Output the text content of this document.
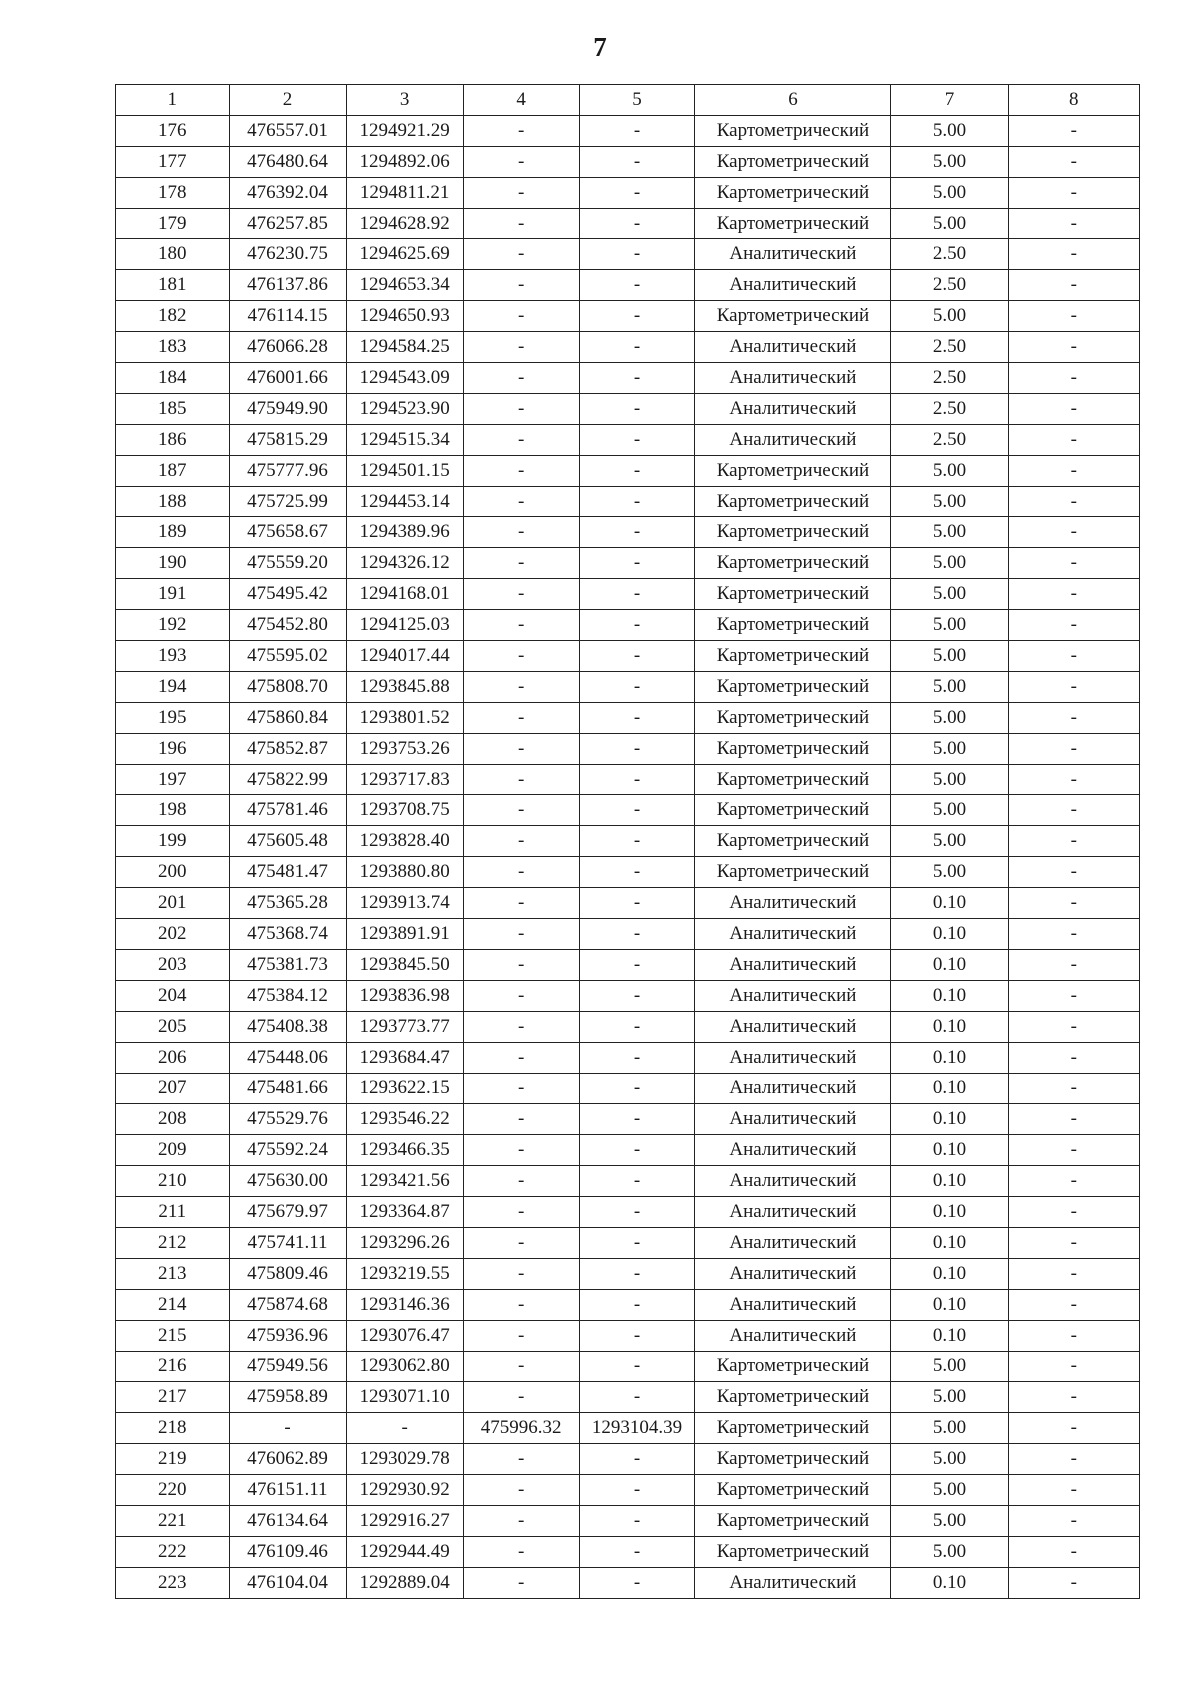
7
1	2	3	4	5	6	7	8
176	476557.01	1294921.29	-	-	Картометрический	5.00	-
177	476480.64	1294892.06	-	-	Картометрический	5.00	-
178	476392.04	1294811.21	-	-	Картометрический	5.00	-
179	476257.85	1294628.92	-	-	Картометрический	5.00	-
180	476230.75	1294625.69	-	-	Аналитический	2.50	-
181	476137.86	1294653.34	-	-	Аналитический	2.50	-
182	476114.15	1294650.93	-	-	Картометрический	5.00	-
183	476066.28	1294584.25	-	-	Аналитический	2.50	-
184	476001.66	1294543.09	-	-	Аналитический	2.50	-
185	475949.90	1294523.90	-	-	Аналитический	2.50	-
186	475815.29	1294515.34	-	-	Аналитический	2.50	-
187	475777.96	1294501.15	-	-	Картометрический	5.00	-
188	475725.99	1294453.14	-	-	Картометрический	5.00	-
189	475658.67	1294389.96	-	-	Картометрический	5.00	-
190	475559.20	1294326.12	-	-	Картометрический	5.00	-
191	475495.42	1294168.01	-	-	Картометрический	5.00	-
192	475452.80	1294125.03	-	-	Картометрический	5.00	-
193	475595.02	1294017.44	-	-	Картометрический	5.00	-
194	475808.70	1293845.88	-	-	Картометрический	5.00	-
195	475860.84	1293801.52	-	-	Картометрический	5.00	-
196	475852.87	1293753.26	-	-	Картометрический	5.00	-
197	475822.99	1293717.83	-	-	Картометрический	5.00	-
198	475781.46	1293708.75	-	-	Картометрический	5.00	-
199	475605.48	1293828.40	-	-	Картометрический	5.00	-
200	475481.47	1293880.80	-	-	Картометрический	5.00	-
201	475365.28	1293913.74	-	-	Аналитический	0.10	-
202	475368.74	1293891.91	-	-	Аналитический	0.10	-
203	475381.73	1293845.50	-	-	Аналитический	0.10	-
204	475384.12	1293836.98	-	-	Аналитический	0.10	-
205	475408.38	1293773.77	-	-	Аналитический	0.10	-
206	475448.06	1293684.47	-	-	Аналитический	0.10	-
207	475481.66	1293622.15	-	-	Аналитический	0.10	-
208	475529.76	1293546.22	-	-	Аналитический	0.10	-
209	475592.24	1293466.35	-	-	Аналитический	0.10	-
210	475630.00	1293421.56	-	-	Аналитический	0.10	-
211	475679.97	1293364.87	-	-	Аналитический	0.10	-
212	475741.11	1293296.26	-	-	Аналитический	0.10	-
213	475809.46	1293219.55	-	-	Аналитический	0.10	-
214	475874.68	1293146.36	-	-	Аналитический	0.10	-
215	475936.96	1293076.47	-	-	Аналитический	0.10	-
216	475949.56	1293062.80	-	-	Картометрический	5.00	-
217	475958.89	1293071.10	-	-	Картометрический	5.00	-
218	-	-	475996.32	1293104.39	Картометрический	5.00	-
219	476062.89	1293029.78	-	-	Картометрический	5.00	-
220	476151.11	1292930.92	-	-	Картометрический	5.00	-
221	476134.64	1292916.27	-	-	Картометрический	5.00	-
222	476109.46	1292944.49	-	-	Картометрический	5.00	-
223	476104.04	1292889.04	-	-	Аналитический	0.10	-
